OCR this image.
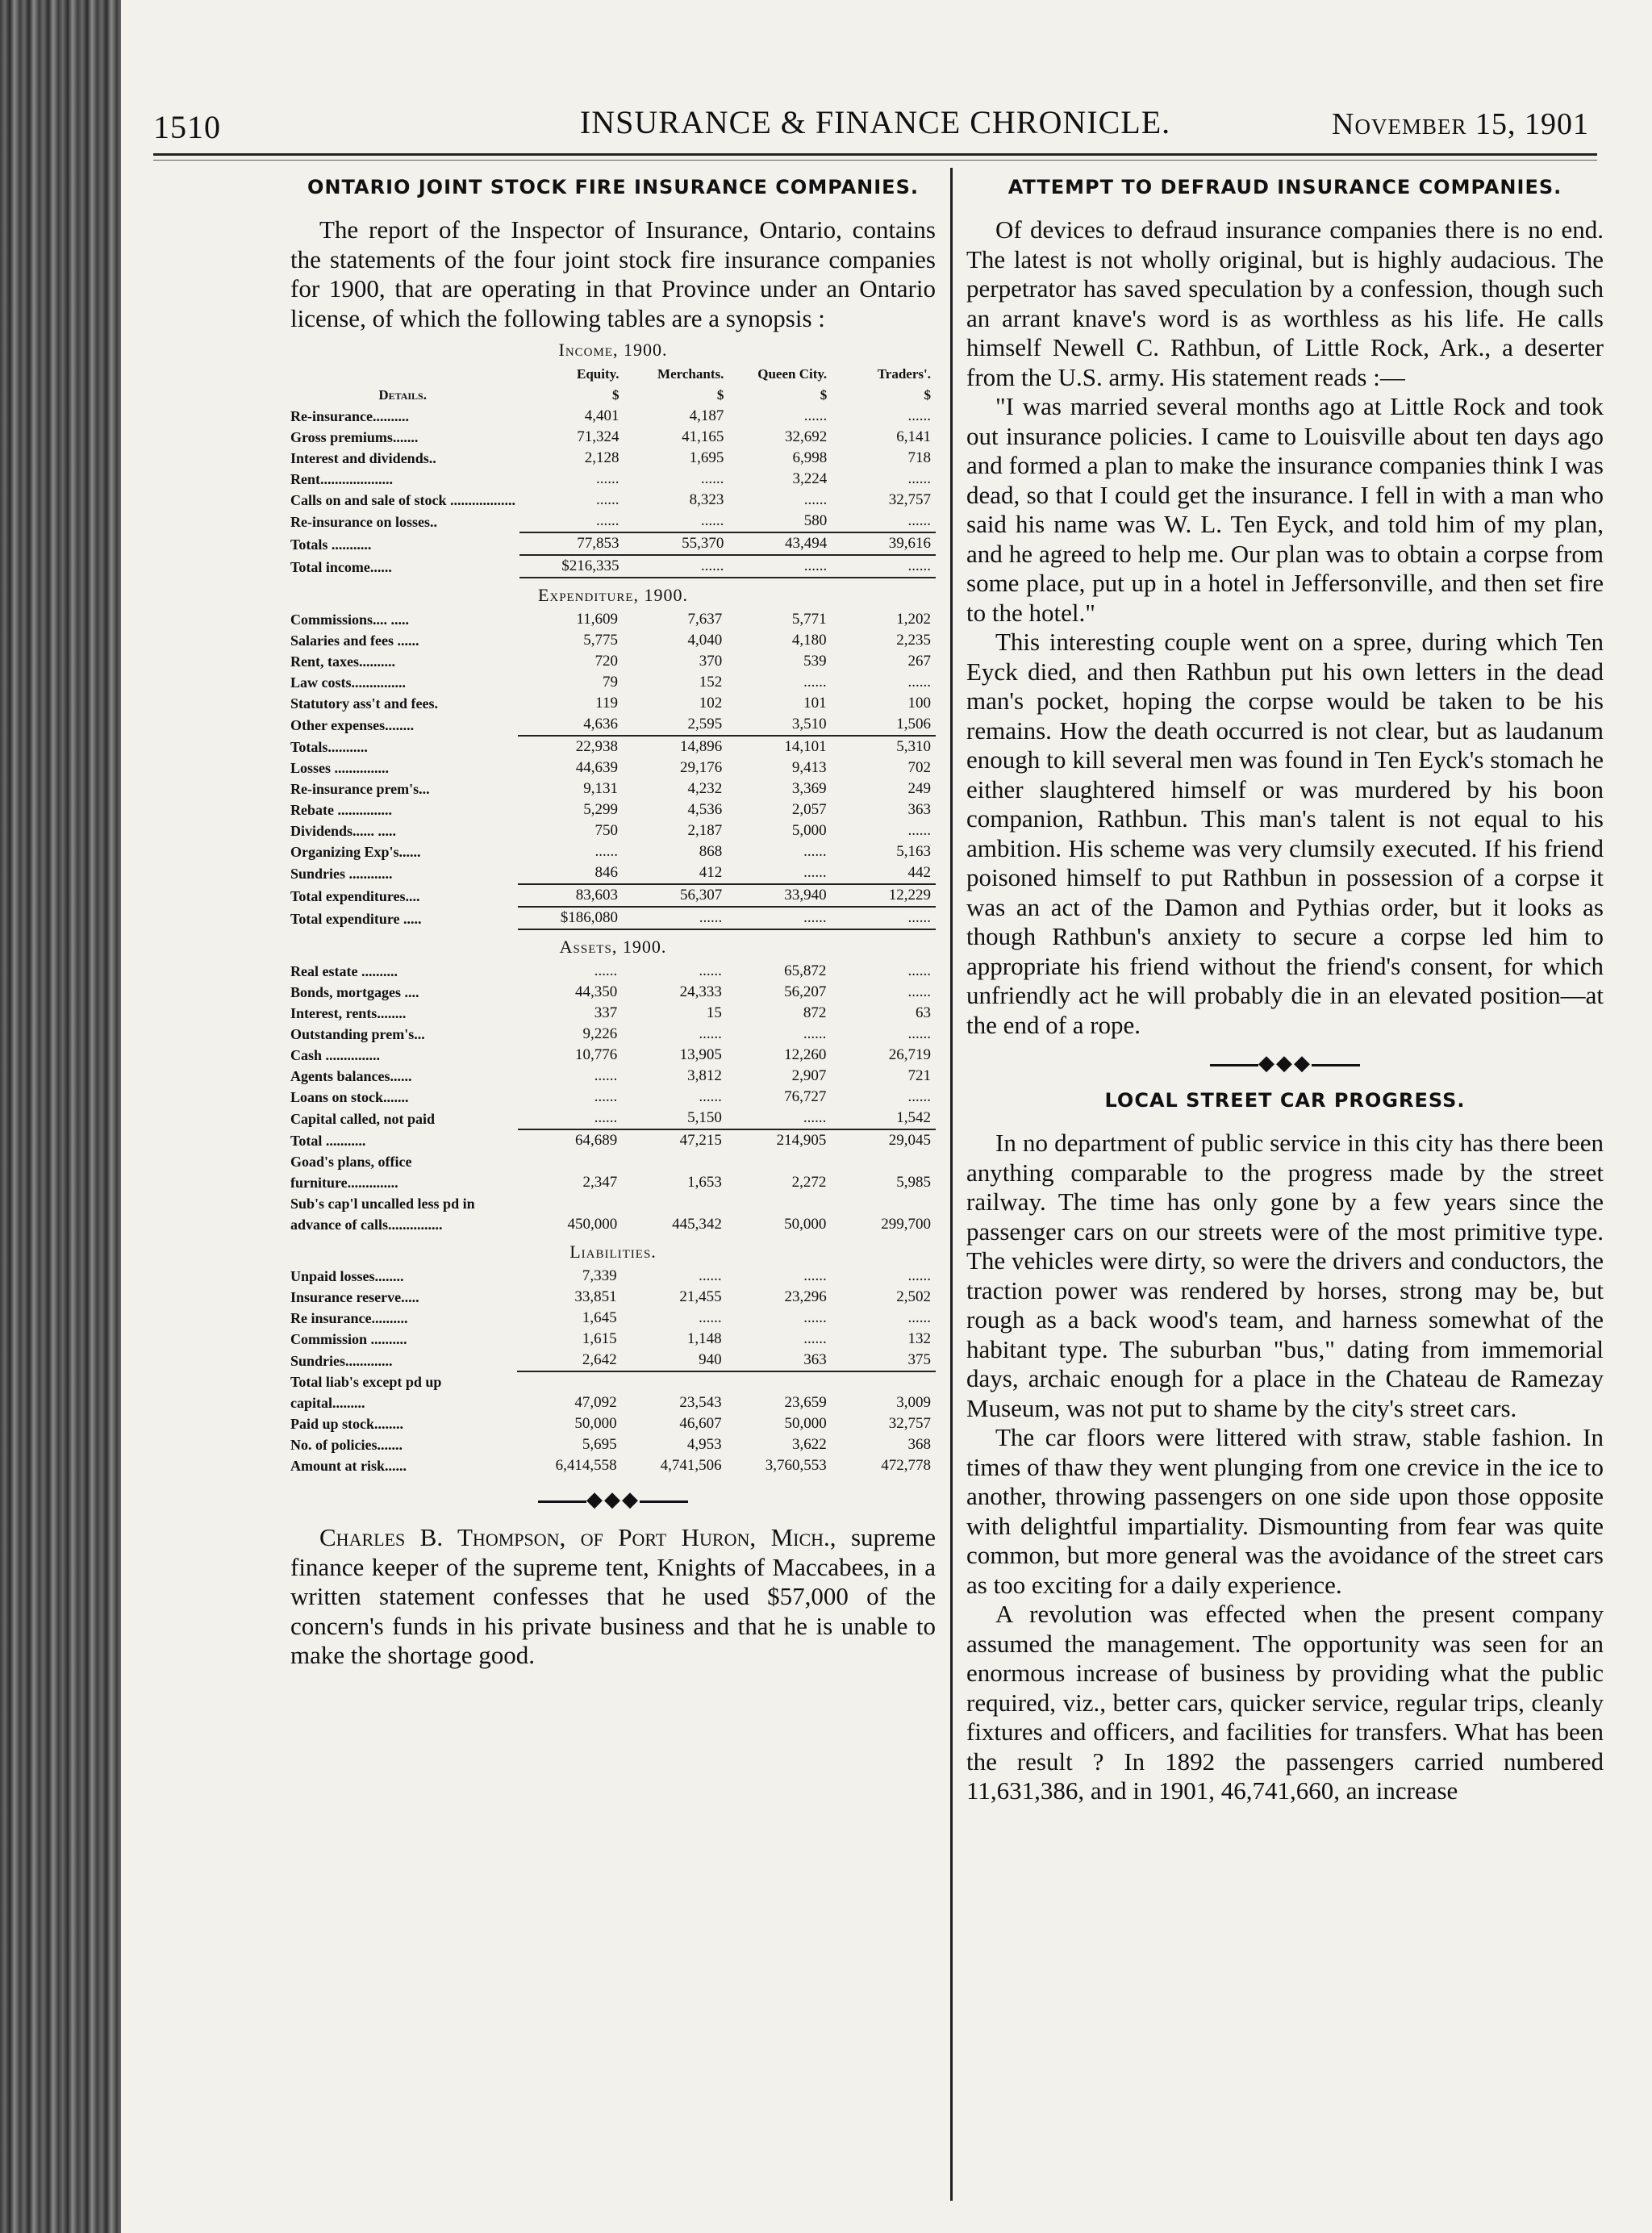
1510	INSURANCE & FINANCE CHRONICLE.	November 15, 1901
ONTARIO JOINT STOCK FIRE INSURANCE COMPANIES.

The report of the Inspector of Insurance, Ontario, contains the statements of the four joint stock fire insurance companies for 1900, that are operating in that Province under an Ontario license, of which the following tables are a synopsis :

Income, 1900.
	Equity.	Merchants.	Queen City.	Traders'.
Details.	$	$	$	$
Re-insurance..........	4,401	4,187	......	......
Gross premiums.......	71,324	41,165	32,692	6,141
Interest and dividends..	2,128	1,695	6,998	718
Rent....................	......	......	3,224	......
Calls on and sale of stock ..................	......	8,323	......	32,757
Re-insurance on losses..	......	......	580	......
Totals ...........	77,853	55,370	43,494	39,616
Total income......	$216,335	......	......	......
Expenditure, 1900.
Commissions.... .....	11,609	7,637	5,771	1,202
Salaries and fees ......	5,775	4,040	4,180	2,235
Rent, taxes..........	720	370	539	267
Law costs...............	79	152	......	......
Statutory ass't and fees.	119	102	101	100
Other expenses........	4,636	2,595	3,510	1,506
Totals...........	22,938	14,896	14,101	5,310
Losses ...............	44,639	29,176	9,413	702
Re-insurance prem's...	9,131	4,232	3,369	249
Rebate ...............	5,299	4,536	2,057	363
Dividends...... .....	750	2,187	5,000	......
Organizing Exp's......	......	868	......	5,163
Sundries ............	846	412	......	442
Total expenditures....	83,603	56,307	33,940	12,229
Total expenditure .....	$186,080	......	......	......
Assets, 1900.
Real estate ..........	......	......	65,872	......
Bonds, mortgages ....	44,350	24,333	56,207	......
Interest, rents........	337	15	872	63
Outstanding prem's...	9,226	......	......	......
Cash ...............	10,776	13,905	12,260	26,719
Agents balances......	......	3,812	2,907	721
Loans on stock.......	......	......	76,727	......
Capital called, not paid	......	5,150	......	1,542
Total ...........	64,689	47,215	214,905	29,045
Goad's plans, office furniture..............	2,347	1,653	2,272	5,985
Sub's cap'l uncalled less pd in advance of calls...............	450,000	445,342	50,000	299,700
Liabilities.
Unpaid losses........	7,339	......	......	......
Insurance reserve.....	33,851	21,455	23,296	2,502
Re insurance..........	1,645	......	......	......
Commission ..........	1,615	1,148	......	132
Sundries.............	2,642	940	363	375
Total liab's except pd up capital.........	47,092	23,543	23,659	3,009
Paid up stock........	50,000	46,607	50,000	32,757
No. of policies.......	5,695	4,953	3,622	368
Amount at risk......	6,414,558	4,741,506	3,760,553	472,778
◆◆◆

Charles B. Thompson, of Port Huron, Mich., supreme finance keeper of the supreme tent, Knights of Maccabees, in a written statement confesses that he used $57,000 of the concern's funds in his private business and that he is unable to make the shortage good.

ATTEMPT TO DEFRAUD INSURANCE COMPANIES.

Of devices to defraud insurance companies there is no end. The latest is not wholly original, but is highly audacious. The perpetrator has saved speculation by a confession, though such an arrant knave's word is as worthless as his life. He calls himself Newell C. Rathbun, of Little Rock, Ark., a deserter from the U.S. army. His statement reads :—

"I was married several months ago at Little Rock and took out insurance policies. I came to Louisville about ten days ago and formed a plan to make the insurance companies think I was dead, so that I could get the insurance. I fell in with a man who said his name was W. L. Ten Eyck, and told him of my plan, and he agreed to help me. Our plan was to obtain a corpse from some place, put up in a hotel in Jeffersonville, and then set fire to the hotel."

This interesting couple went on a spree, during which Ten Eyck died, and then Rathbun put his own letters in the dead man's pocket, hoping the corpse would be taken to be his remains. How the death occurred is not clear, but as laudanum enough to kill several men was found in Ten Eyck's stomach he either slaughtered himself or was murdered by his boon companion, Rathbun. This man's talent is not equal to his ambition. His scheme was very clumsily executed. If his friend poisoned himself to put Rathbun in possession of a corpse it was an act of the Damon and Pythias order, but it looks as though Rathbun's anxiety to secure a corpse led him to appropriate his friend without the friend's consent, for which unfriendly act he will probably die in an elevated position—at the end of a rope.

◆◆◆
LOCAL STREET CAR PROGRESS.

In no department of public service in this city has there been anything comparable to the progress made by the street railway. The time has only gone by a few years since the passenger cars on our streets were of the most primitive type. The vehicles were dirty, so were the drivers and conductors, the traction power was rendered by horses, strong may be, but rough as a back wood's team, and harness somewhat of the habitant type. The suburban "bus," dating from immemorial days, archaic enough for a place in the Chateau de Ramezay Museum, was not put to shame by the city's street cars.

The car floors were littered with straw, stable fashion. In times of thaw they went plunging from one crevice in the ice to another, throwing passengers on one side upon those opposite with delightful impartiality. Dismounting from fear was quite common, but more general was the avoidance of the street cars as too exciting for a daily experience.

A revolution was effected when the present company assumed the management. The opportunity was seen for an enormous increase of business by providing what the public required, viz., better cars, quicker service, regular trips, cleanly fixtures and officers, and facilities for transfers. What has been the result ? In 1892 the passengers carried numbered 11,631,386, and in 1901, 46,741,660, an increase
